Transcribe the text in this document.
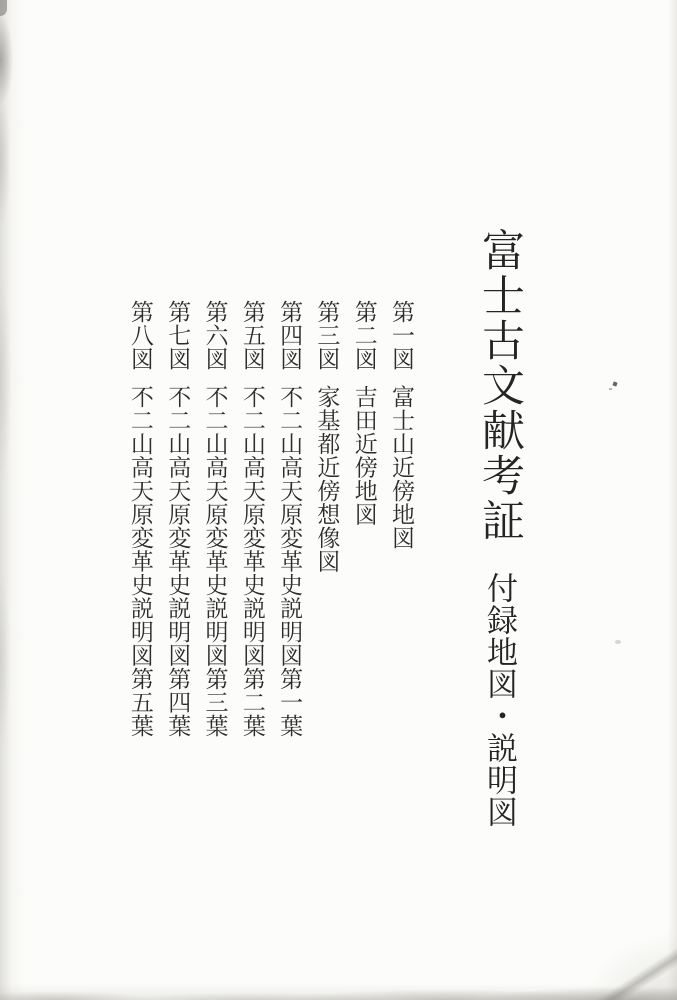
富士古文献考証 付録地図・説明図
第一図富士山近傍地図
第二図吉田近傍地図
第三図家基都近傍想像図
第四図不二山高天原変革史説明図第一葉
第五図不二山高天原変革史説明図第二葉
第六図不二山高天原変革史説明図第三葉
第七図不二山高天原変革史説明図第四葉
第八図不二山高天原変革史説明図第五葉
